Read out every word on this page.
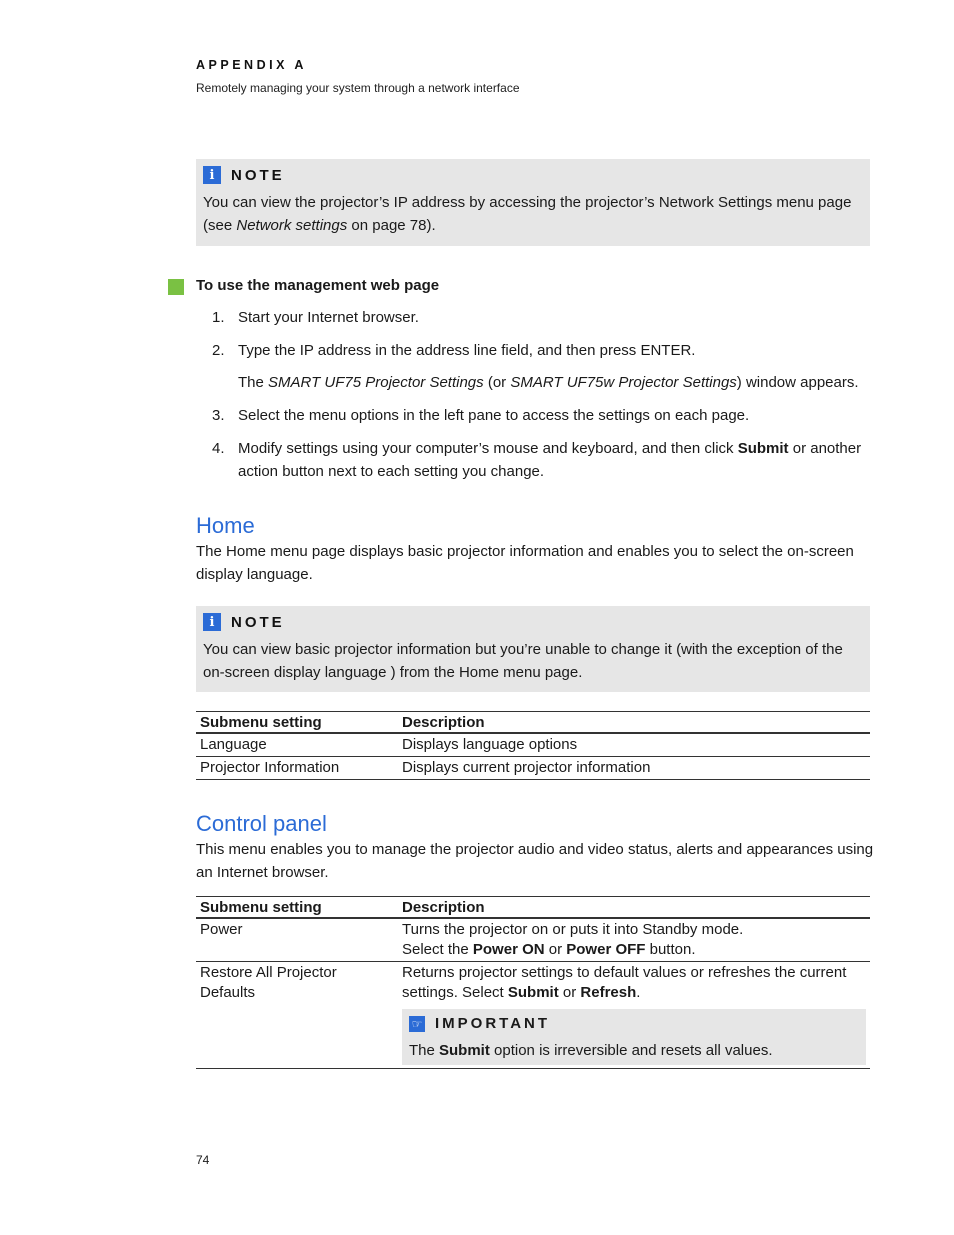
APPENDIX A
Remotely managing your system through a network interface
i	NOTE
You can view the projector’s IP address by accessing the projector’s Network Settings menu page (see Network settings on page 78).
To use the management web page
1. Start your Internet browser.
2. Type the IP address in the address line field, and then press ENTER.
The SMART UF75 Projector Settings (or SMART UF75w Projector Settings) window appears.
3. Select the menu options in the left pane to access the settings on each page.
4. Modify settings using your computer’s mouse and keyboard, and then click Submit or another action button next to each setting you change.
Home
The Home menu page displays basic projector information and enables you to select the on-screen display language.
i	NOTE
You can view basic projector information but you’re unable to change it (with the exception of the on-screen display language ) from the Home menu page.
Submenu setting	Description
Language	Displays language options
Projector Information	Displays current projector information
Control panel
This menu enables you to manage the projector audio and video status, alerts and appearances using an Internet browser.
Submenu setting	Description
Power	Turns the projector on or puts it into Standby mode.
Select the Power ON or Power OFF button.

Restore All Projector Defaults	Returns projector settings to default values or refreshes the current settings. Select Submit or Refresh.
☞ IMPORTANT
The Submit option is irreversible and resets all values.
74
